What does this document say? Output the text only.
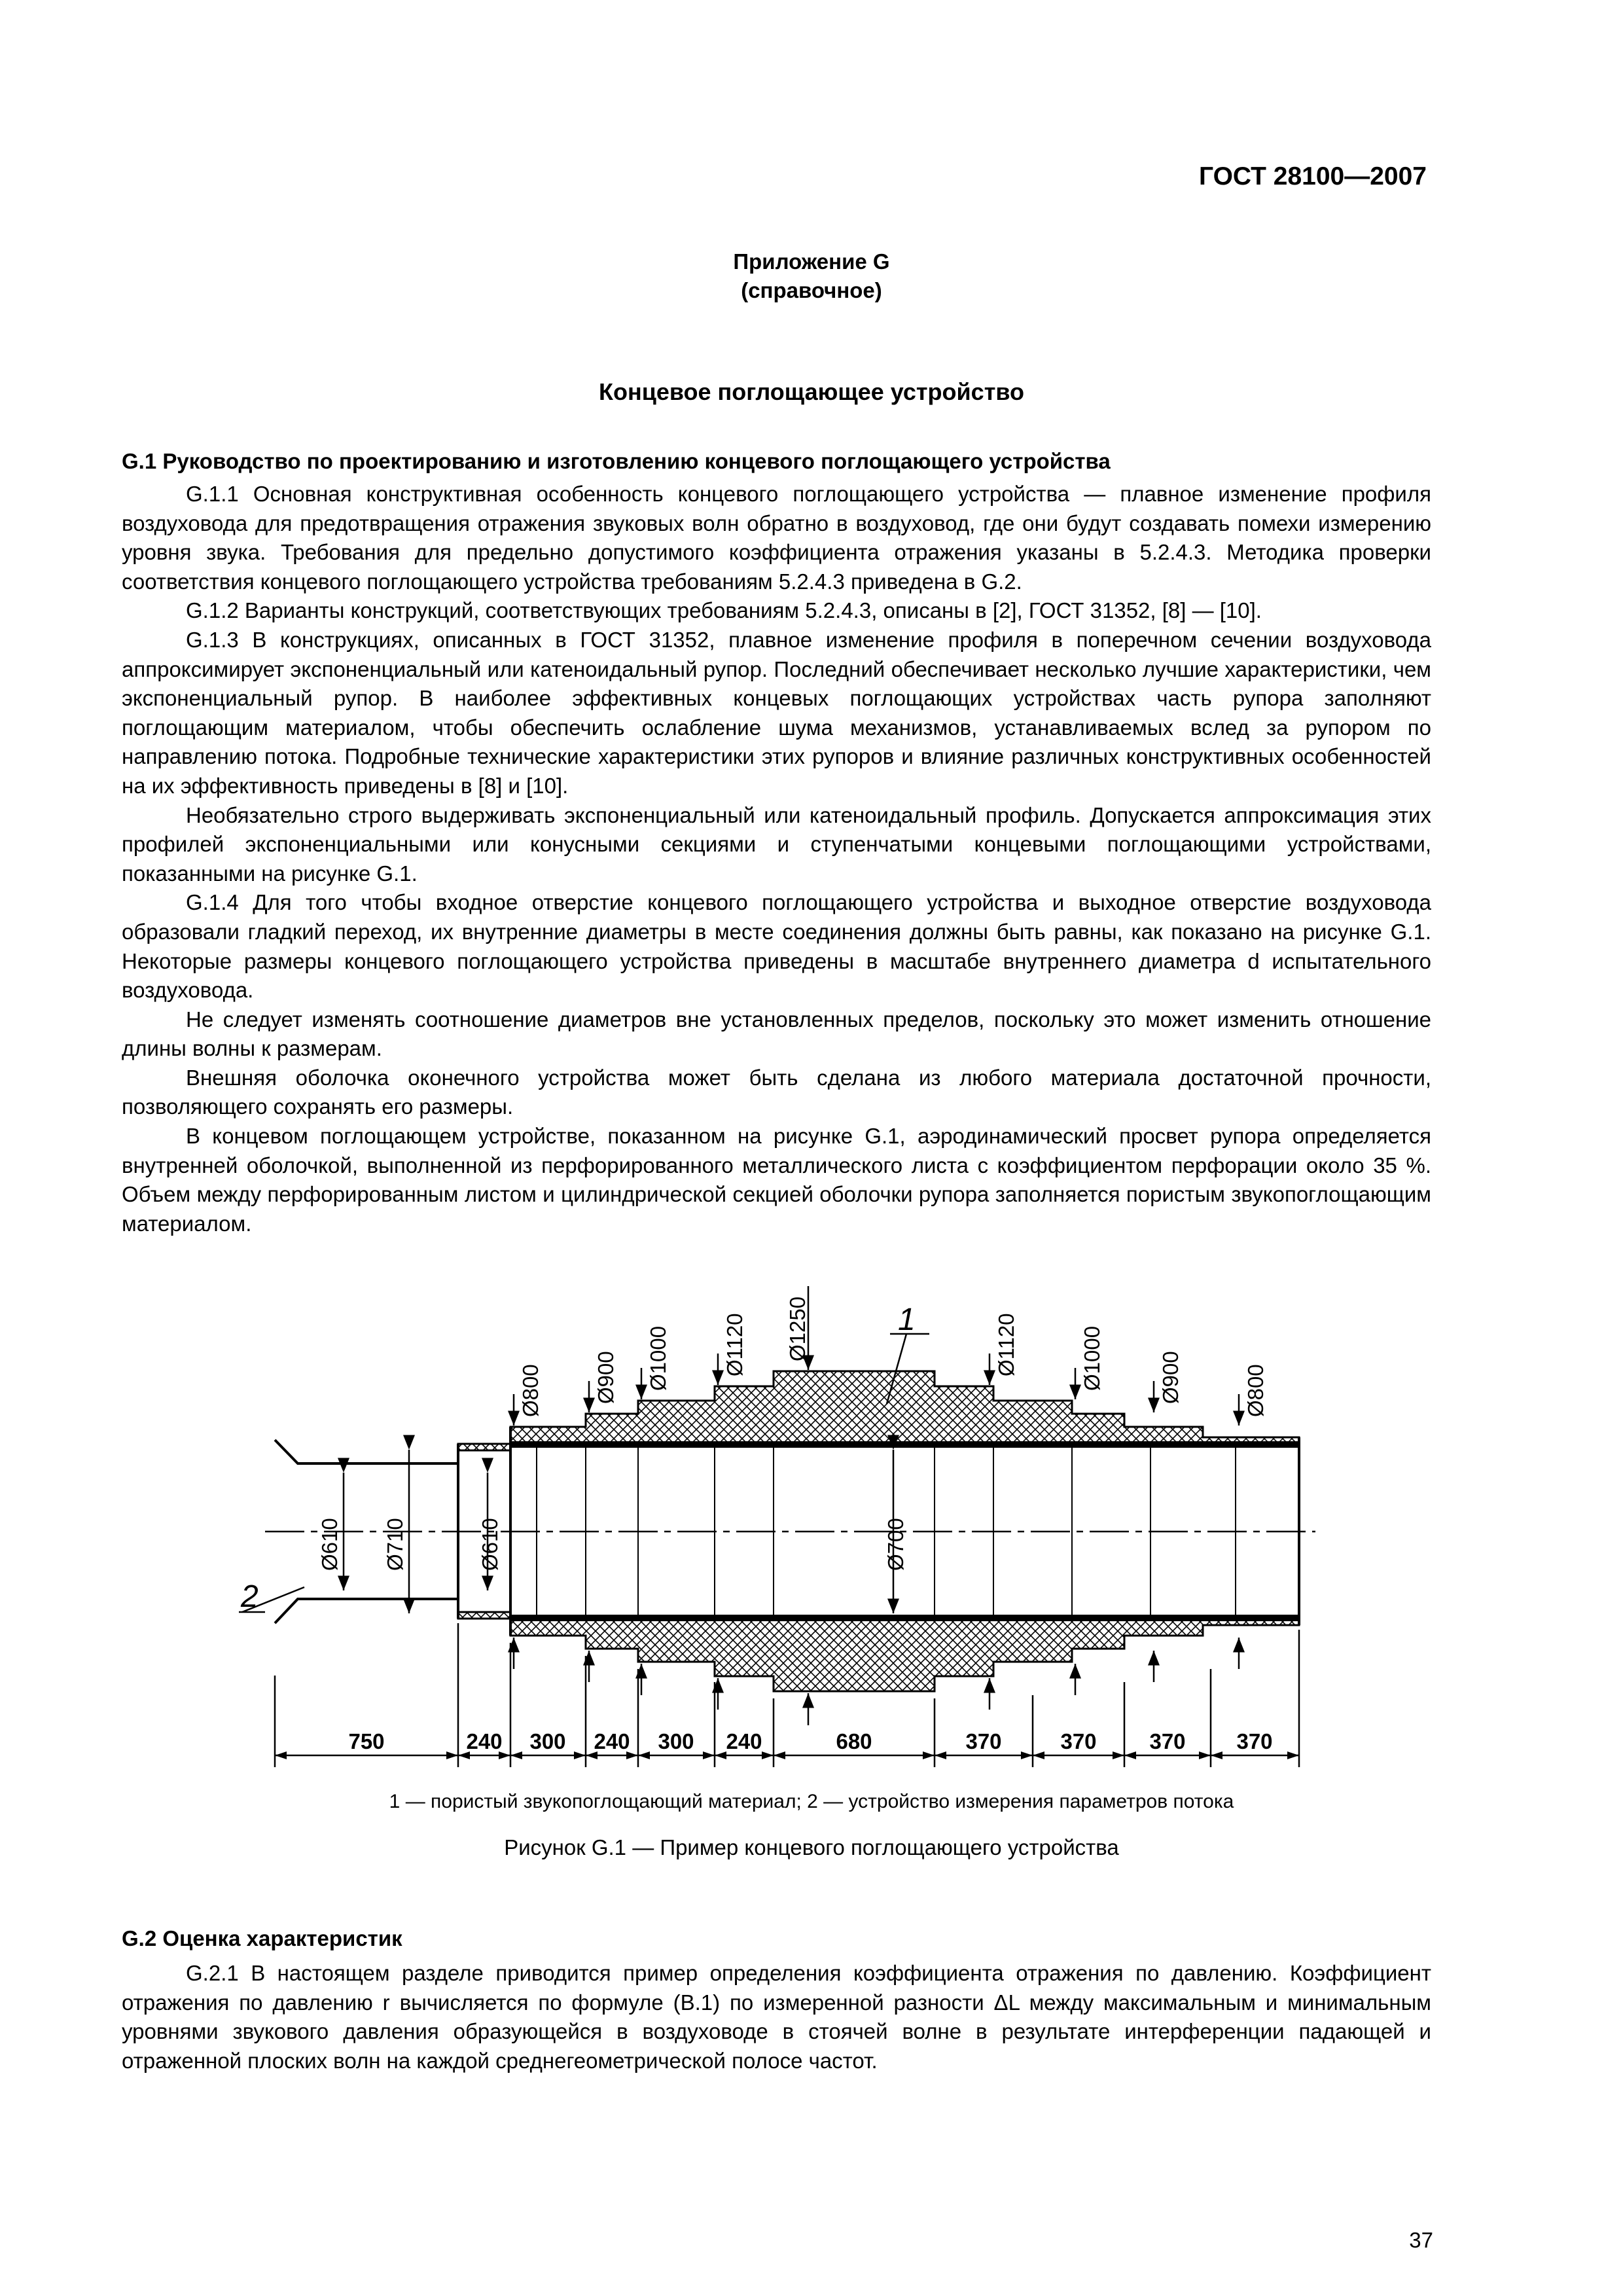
ГОСТ 28100—2007
Приложение G
(справочное)
Концевое поглощающее устройство
G.1 Руководство по проектированию и изготовлению концевого поглощающего устройства

G.1.1 Основная конструктивная особенность концевого поглощающего устройства — плавное изменение профиля воздуховода для предотвращения отражения звуковых волн обратно в воздуховод, где они будут создавать помехи измерению уровня звука. Требования для предельно допустимого коэффициента отражения указаны в 5.2.4.3. Методика проверки соответствия концевого поглощающего устройства требованиям 5.2.4.3 приведена в G.2.

G.1.2 Варианты конструкций, соответствующих требованиям 5.2.4.3, описаны в [2], ГОСТ 31352, [8] — [10].

G.1.3 В конструкциях, описанных в ГОСТ 31352, плавное изменение профиля в поперечном сечении воздуховода аппроксимирует экспоненциальный или катеноидальный рупор. Последний обеспечивает несколько лучшие характеристики, чем экспоненциальный рупор. В наиболее эффективных концевых поглощающих устройствах часть рупора заполняют поглощающим материалом, чтобы обеспечить ослабление шума механизмов, устанавливаемых вслед за рупором по направлению потока. Подробные технические характеристики этих рупоров и влияние различных конструктивных особенностей на их эффективность приведены в [8] и [10].

Необязательно строго выдерживать экспоненциальный или катеноидальный профиль. Допускается аппроксимация этих профилей экспоненциальными или конусными секциями и ступенчатыми концевыми поглощающими устройствами, показанными на рисунке G.1.

G.1.4 Для того чтобы входное отверстие концевого поглощающего устройства и выходное отверстие воздуховода образовали гладкий переход, их внутренние диаметры в месте соединения должны быть равны, как показано на рисунке G.1. Некоторые размеры концевого поглощающего устройства приведены в масштабе внутреннего диаметра d испытательного воздуховода.

Не следует изменять соотношение диаметров вне установленных пределов, поскольку это может изменить отношение длины волны к размерам.

Внешняя оболочка оконечного устройства может быть сделана из любого материала достаточной прочности, позволяющего сохранять его размеры.

В концевом поглощающем устройстве, показанном на рисунке G.1, аэродинамический просвет рупора определяется внутренней оболочкой, выполненной из перфорированного металлического листа с коэффициентом перфорации около 35 %. Объем между перфорированным листом и цилиндрической секцией оболочки рупора заполняется пористым звукопоглощающим материалом.

Ø800 Ø900 Ø1000 Ø1120 Ø1250	Ø1120	Ø1000	Ø900	Ø800
Ø610 Ø710	Ø610	Ø700
1
2
750	240 300 240 300 240	680	370	370 370 370
1 — пористый звукопоглощающий материал; 2 — устройство измерения параметров потока
Рисунок G.1 — Пример концевого поглощающего устройства
G.2 Оценка характеристик

G.2.1 В настоящем разделе приводится пример определения коэффициента отражения по давлению. Коэффициент отражения по давлению r вычисляется по формуле (В.1) по измеренной разности ΔL между максимальным и минимальным уровнями звукового давления образующейся в воздуховоде в стоячей волне в результате интерференции падающей и отраженной плоских волн на каждой среднегеометрической полосе частот.

37
